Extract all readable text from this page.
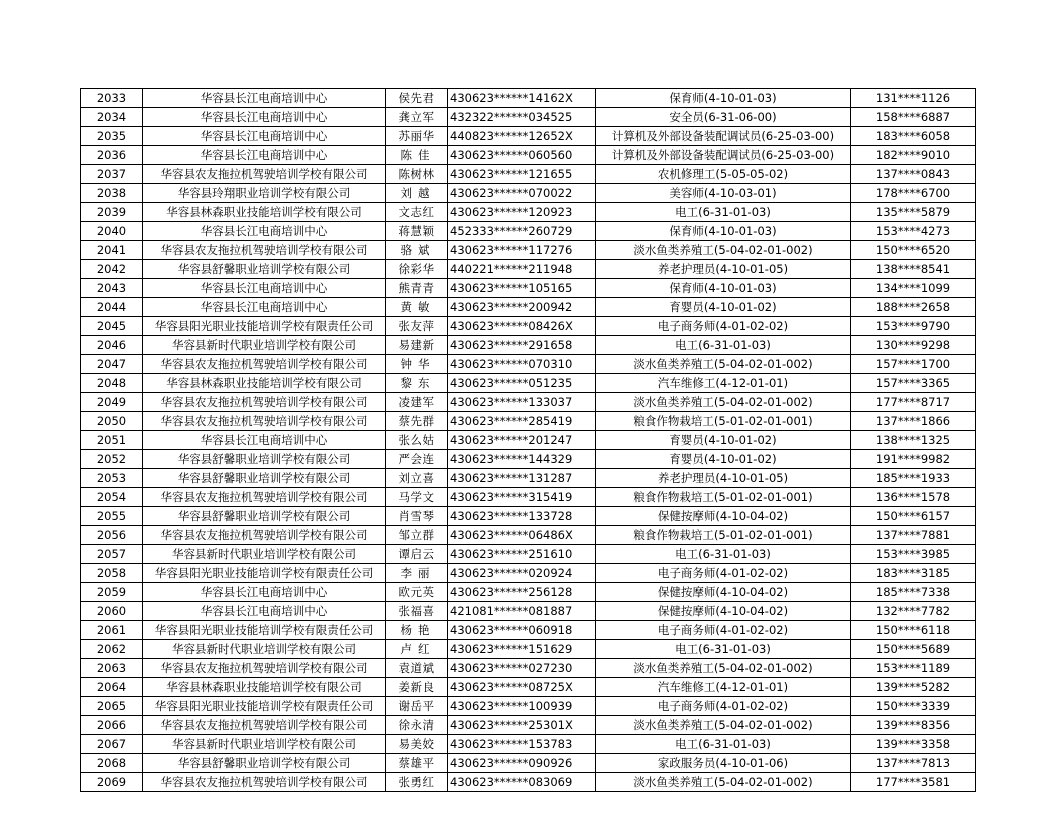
2033	华容县长江电商培训中心	侯先君	430623******14162X	保育师(4-10-01-03)	131****1126
2034	华容县长江电商培训中心	龚立军	432322******034525	安全员(6-31-06-00)	158****6887
2035	华容县长江电商培训中心	苏丽华	440823******12652X	计算机及外部设备装配调试员(6-25-03-00)	183****6058
2036	华容县长江电商培训中心	陈佳	430623******060560	计算机及外部设备装配调试员(6-25-03-00)	182****9010
2037	华容县农友拖拉机驾驶培训学校有限公司	陈树林	430623******121655	农机修理工(5-05-05-02)	137****0843
2038	华容县玲翔职业培训学校有限公司	刘越	430623******070022	美容师(4-10-03-01)	178****6700
2039	华容县林森职业技能培训学校有限公司	文志红	430623******120923	电工(6-31-01-03)	135****5879
2040	华容县长江电商培训中心	蒋慧颖	452333******260729	保育师(4-10-01-03)	153****4273
2041	华容县农友拖拉机驾驶培训学校有限公司	骆斌	430623******117276	淡水鱼类养殖工(5-04-02-01-002)	150****6520
2042	华容县舒馨职业培训学校有限公司	徐彩华	440221******211948	养老护理员(4-10-01-05)	138****8541
2043	华容县长江电商培训中心	熊青青	430623******105165	保育师(4-10-01-03)	134****1099
2044	华容县长江电商培训中心	黄敏	430623******200942	育婴员(4-10-01-02)	188****2658
2045	华容县阳光职业技能培训学校有限责任公司	张友萍	430623******08426X	电子商务师(4-01-02-02)	153****9790
2046	华容县新时代职业培训学校有限公司	易建新	430623******291658	电工(6-31-01-03)	130****9298
2047	华容县农友拖拉机驾驶培训学校有限公司	钟华	430623******070310	淡水鱼类养殖工(5-04-02-01-002)	157****1700
2048	华容县林森职业技能培训学校有限公司	黎东	430623******051235	汽车维修工(4-12-01-01)	157****3365
2049	华容县农友拖拉机驾驶培训学校有限公司	凌建军	430623******133037	淡水鱼类养殖工(5-04-02-01-002)	177****8717
2050	华容县农友拖拉机驾驶培训学校有限公司	蔡先群	430623******285419	粮食作物栽培工(5-01-02-01-001)	137****1866
2051	华容县长江电商培训中心	张么姑	430623******201247	育婴员(4-10-01-02)	138****1325
2052	华容县舒馨职业培训学校有限公司	严会连	430623******144329	育婴员(4-10-01-02)	191****9982
2053	华容县舒馨职业培训学校有限公司	刘立喜	430623******131287	养老护理员(4-10-01-05)	185****1933
2054	华容县农友拖拉机驾驶培训学校有限公司	马学文	430623******315419	粮食作物栽培工(5-01-02-01-001)	136****1578
2055	华容县舒馨职业培训学校有限公司	肖雪琴	430623******133728	保健按摩师(4-10-04-02)	150****6157
2056	华容县农友拖拉机驾驶培训学校有限公司	邹立群	430623******06486X	粮食作物栽培工(5-01-02-01-001)	137****7881
2057	华容县新时代职业培训学校有限公司	谭启云	430623******251610	电工(6-31-01-03)	153****3985
2058	华容县阳光职业技能培训学校有限责任公司	李丽	430623******020924	电子商务师(4-01-02-02)	183****3185
2059	华容县长江电商培训中心	欧元英	430623******256128	保健按摩师(4-10-04-02)	185****7338
2060	华容县长江电商培训中心	张福喜	421081******081887	保健按摩师(4-10-04-02)	132****7782
2061	华容县阳光职业技能培训学校有限责任公司	杨艳	430623******060918	电子商务师(4-01-02-02)	150****6118
2062	华容县新时代职业培训学校有限公司	卢红	430623******151629	电工(6-31-01-03)	150****5689
2063	华容县农友拖拉机驾驶培训学校有限公司	袁道斌	430623******027230	淡水鱼类养殖工(5-04-02-01-002)	153****1189
2064	华容县林森职业技能培训学校有限公司	姜新良	430623******08725X	汽车维修工(4-12-01-01)	139****5282
2065	华容县阳光职业技能培训学校有限责任公司	谢岳平	430623******100939	电子商务师(4-01-02-02)	150****3339
2066	华容县农友拖拉机驾驶培训学校有限公司	徐永清	430623******25301X	淡水鱼类养殖工(5-04-02-01-002)	139****8356
2067	华容县新时代职业培训学校有限公司	易美姣	430623******153783	电工(6-31-01-03)	139****3358
2068	华容县舒馨职业培训学校有限公司	蔡雄平	430623******090926	家政服务员(4-10-01-06)	137****7813
2069	华容县农友拖拉机驾驶培训学校有限公司	张勇红	430623******083069	淡水鱼类养殖工(5-04-02-01-002)	177****3581
